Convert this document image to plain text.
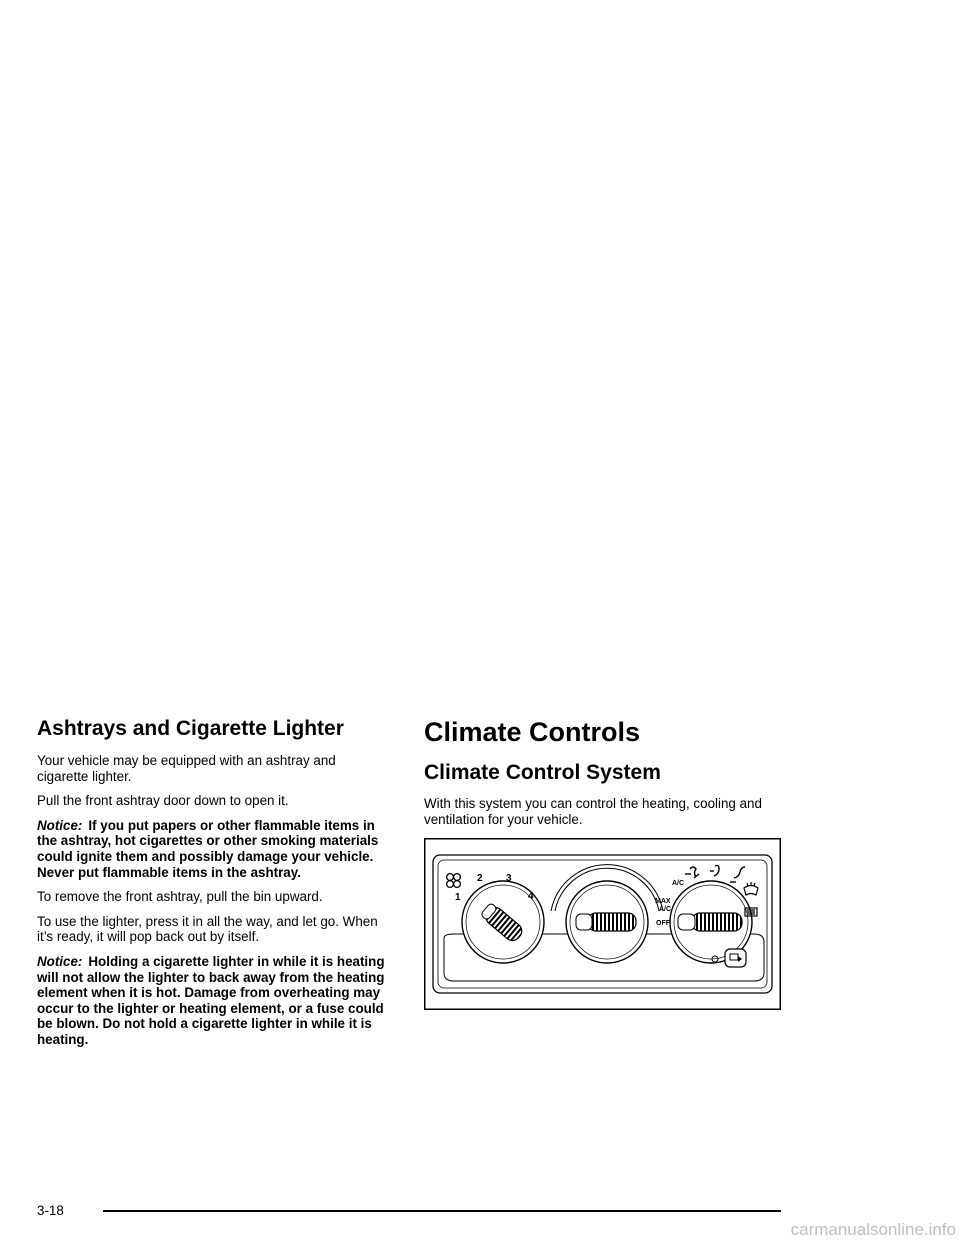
Ashtrays and Cigarette Lighter

Your vehicle may be equipped with an ashtray and cigarette lighter.

Pull the front ashtray door down to open it.

Notice: If you put papers or other flammable items in the ashtray, hot cigarettes or other smoking materials could ignite them and possibly damage your vehicle. Never put flammable items in the ashtray.

To remove the front ashtray, pull the bin upward.

To use the lighter, press it in all the way, and let go. When it’s ready, it will pop back out by itself.

Notice: Holding a cigarette lighter in while it is heating will not allow the lighter to back away from the heating element when it is hot. Damage from overheating may occur to the lighter or heating element, or a fuse could be blown. Do not hold a cigarette lighter in while it is heating.

Climate Controls
Climate Control System

With this system you can control the heating, cooling and ventilation for your vehicle.

1
2 3
4
A/C
MAX
A/C
OFF
3-18
carmanualsonline.info
